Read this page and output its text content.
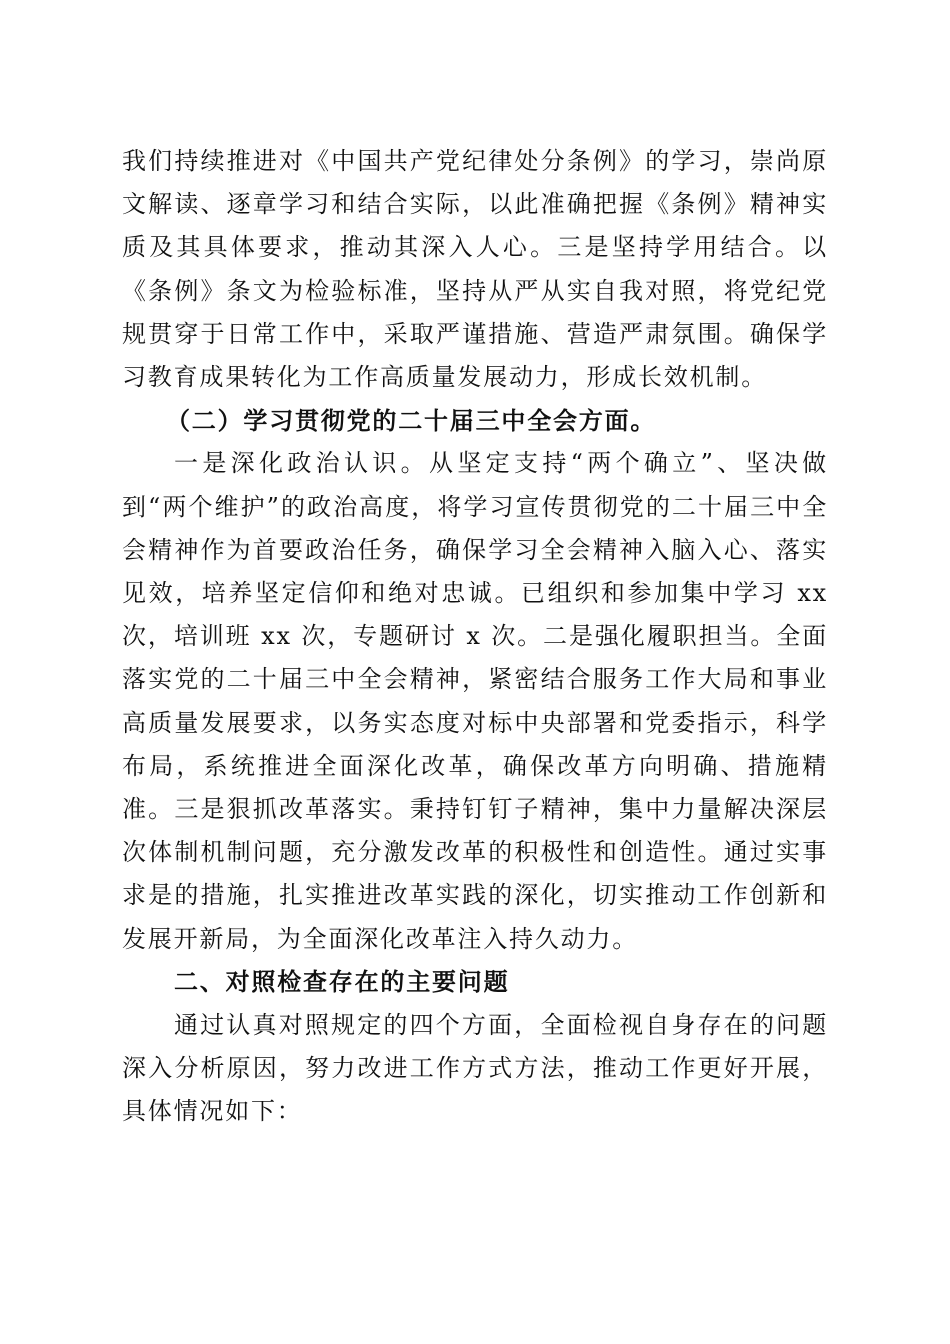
我们持续推进对《中国共产党纪律处分条例》的学习，崇尚原文解读、逐章学习和结合实际，以此准确把握《条例》精神实质及其具体要求，推动其深入人心。三是坚持学用结合。以《条例》条文为检验标准，坚持从严从实自我对照，将党纪党规贯穿于日常工作中，采取严谨措施、营造严肃氛围。确保学习教育成果转化为工作高质量发展动力，形成长效机制。

（二）学习贯彻党的二十届三中全会方面。

一是深化政治认识。从坚定支持“两个确立”、坚决做到“两个维护”的政治高度，将学习宣传贯彻党的二十届三中全会精神作为首要政治任务，确保学习全会精神入脑入心、落实见效，培养坚定信仰和绝对忠诚。已组织和参加集中学习 xx 次，培训班 xx 次，专题研讨 x 次。二是强化履职担当。全面落实党的二十届三中全会精神，紧密结合服务工作大局和事业高质量发展要求，以务实态度对标中央部署和党委指示，科学布局，系统推进全面深化改革，确保改革方向明确、措施精准。三是狠抓改革落实。秉持钉钉子精神，集中力量解决深层次体制机制问题，充分激发改革的积极性和创造性。通过实事求是的措施，扎实推进改革实践的深化，切实推动工作创新和发展开新局，为全面深化改革注入持久动力。

二、对照检查存在的主要问题

通过认真对照规定的四个方面，全面检视自身存在的问题深入分析原因，努力改进工作方式方法，推动工作更好开展，具体情况如下：
